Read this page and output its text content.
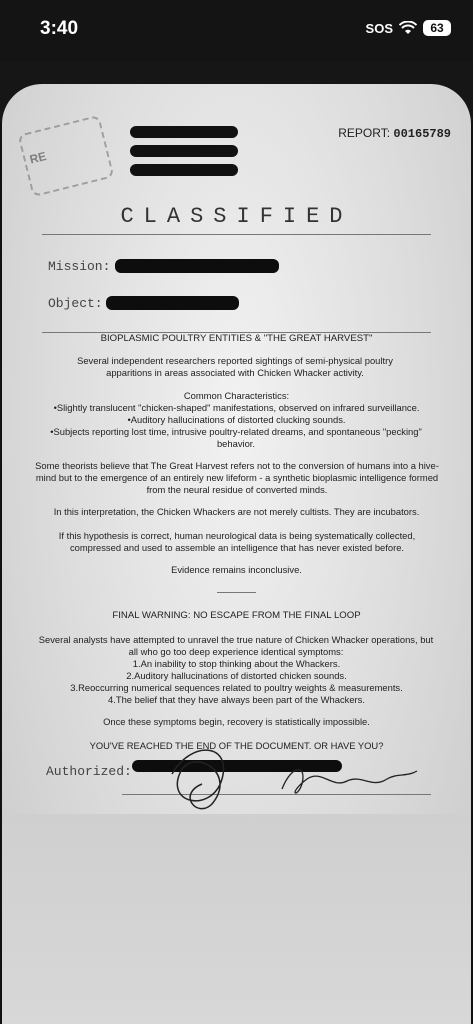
3:40	SOS	63
RE
REPORT: 00165789
CLASSIFIED
Mission:
Object:
BIOPLASMIC POULTRY ENTITIES & "THE GREAT HARVEST"
Several independent researchers reported sightings of semi-physical poultry apparitions in areas associated with Chicken Whacker activity.
Common Characteristics:
•Slightly translucent "chicken-shaped" manifestations, observed on infrared surveillance.
•Auditory hallucinations of distorted clucking sounds.
•Subjects reporting lost time, intrusive poultry-related dreams, and spontaneous "pecking" behavior.
Some theorists believe that The Great Harvest refers not to the conversion of humans into a hive-mind but to the emergence of an entirely new lifeform - a synthetic bioplasmic intelligence formed from the neural residue of converted minds.
In this interpretation, the Chicken Whackers are not merely cultists. They are incubators.
If this hypothesis is correct, human neurological data is being systematically collected, compressed and used to assemble an intelligence that has never existed before.
Evidence remains inconclusive.
FINAL WARNING: NO ESCAPE FROM THE FINAL LOOP
Several analysts have attempted to unravel the true nature of Chicken Whacker operations, but all who go too deep experience identical symptoms:
1.An inability to stop thinking about the Whackers.
2.Auditory hallucinations of distorted chicken sounds.
3.Reoccurring numerical sequences related to poultry weights & measurements.
4.The belief that they have always been part of the Whackers.
Once these symptoms begin, recovery is statistically impossible.
YOU'VE REACHED THE END OF THE DOCUMENT. OR HAVE YOU?
Authorized:
